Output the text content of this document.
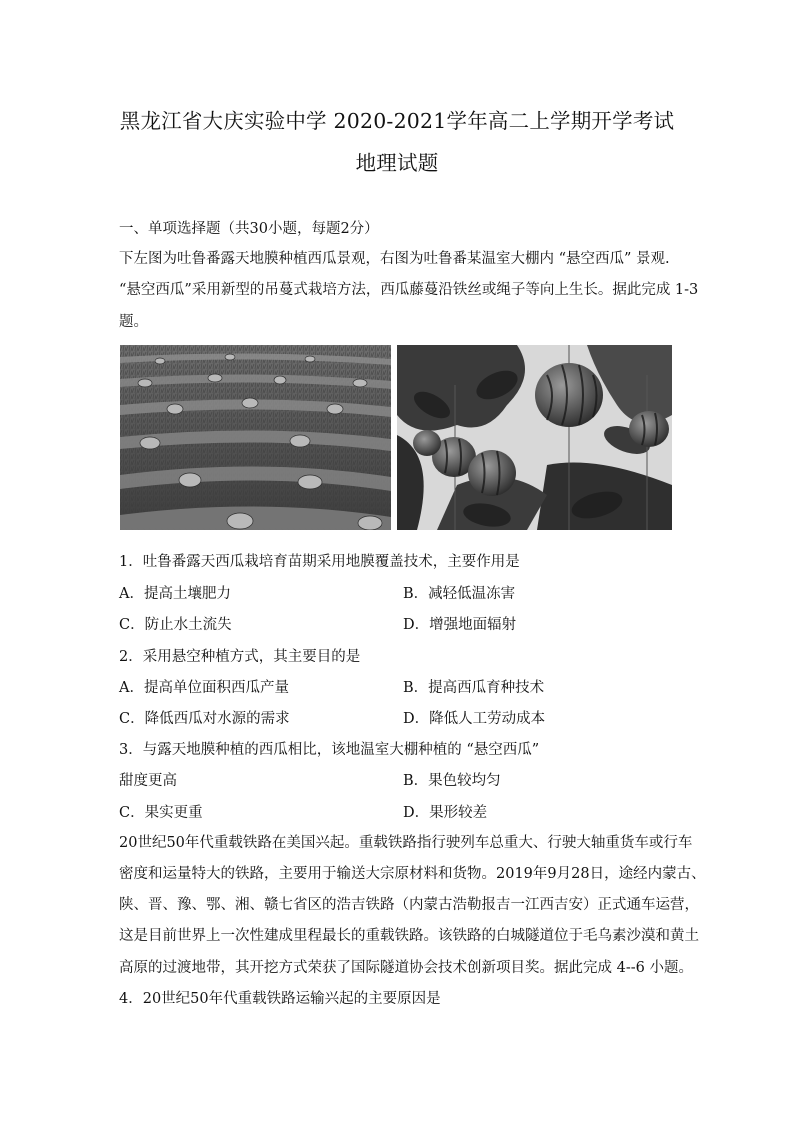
黑龙江省大庆实验中学 2020-2021学年高二上学期开学考试
地理试题
一、单项选择题（共30小题，每题2分）
下左图为吐鲁番露天地膜种植西瓜景观，右图为吐鲁番某温室大棚内 “悬空西瓜” 景观.
“悬空西瓜”采用新型的吊蔓式栽培方法，西瓜藤蔓沿铁丝或绳子等向上生长。据此完成 1-3
题。
1．吐鲁番露天西瓜栽培育苗期采用地膜覆盖技术，主要作用是
A．提高土壤肥力	B．减轻低温冻害
C．防止水土流失	D．增强地面辐射
2．采用悬空种植方式，其主要目的是
A．提高单位面积西瓜产量	B．提高西瓜育种技术
C．降低西瓜对水源的需求	D．降低人工劳动成本
3．与露天地膜种植的西瓜相比，该地温室大棚种植的 “悬空西瓜”
甜度更高	B．果色较均匀
C．果实更重	D．果形较差
20世纪50年代重载铁路在美国兴起。重载铁路指行驶列车总重大、行驶大轴重货车或行车
密度和运量特大的铁路，主要用于输送大宗原材料和货物。2019年9月28日，途经内蒙古、
陕、晋、豫、鄂、湘、赣七省区的浩吉铁路（内蒙古浩勒报吉一江西吉安）正式通车运营，
这是目前世界上一次性建成里程最长的重载铁路。该铁路的白城隧道位于毛乌素沙漠和黄土
高原的过渡地带，其开挖方式荣获了国际隧道协会技术创新项目奖。据此完成 4--6 小题。
4．20世纪50年代重载铁路运输兴起的主要原因是
